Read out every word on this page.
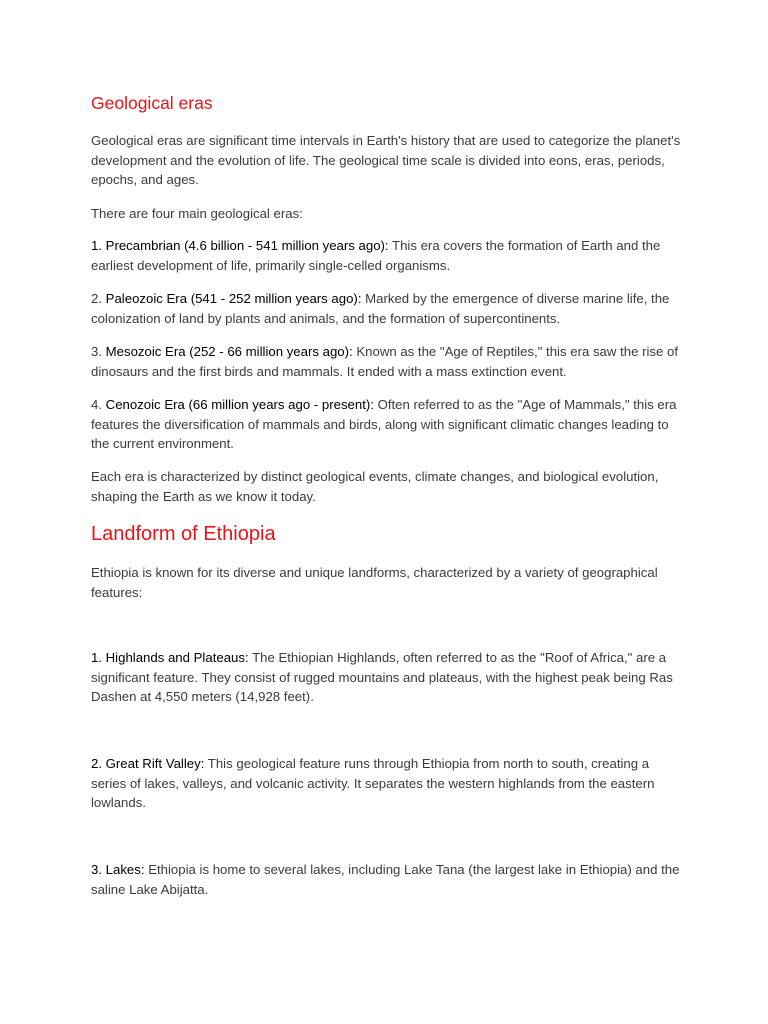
Geological eras

Geological eras are significant time intervals in Earth's history that are used to categorize the planet's development and the evolution of life. The geological time scale is divided into eons, eras, periods, epochs, and ages.

There are four main geological eras:

1. Precambrian (4.6 billion - 541 million years ago): This era covers the formation of Earth and the earliest development of life, primarily single-celled organisms.

2. Paleozoic Era (541 - 252 million years ago): Marked by the emergence of diverse marine life, the colonization of land by plants and animals, and the formation of supercontinents.

3. Mesozoic Era (252 - 66 million years ago): Known as the "Age of Reptiles," this era saw the rise of dinosaurs and the first birds and mammals. It ended with a mass extinction event.

4. Cenozoic Era (66 million years ago - present): Often referred to as the "Age of Mammals," this era features the diversification of mammals and birds, along with significant climatic changes leading to the current environment.

Each era is characterized by distinct geological events, climate changes, and biological evolution, shaping the Earth as we know it today.

Landform of Ethiopia

Ethiopia is known for its diverse and unique landforms, characterized by a variety of geographical features:

1. Highlands and Plateaus: The Ethiopian Highlands, often referred to as the "Roof of Africa," are a significant feature. They consist of rugged mountains and plateaus, with the highest peak being Ras Dashen at 4,550 meters (14,928 feet).

2. Great Rift Valley: This geological feature runs through Ethiopia from north to south, creating a series of lakes, valleys, and volcanic activity. It separates the western highlands from the eastern lowlands.

3. Lakes: Ethiopia is home to several lakes, including Lake Tana (the largest lake in Ethiopia) and the saline Lake Abijatta.
